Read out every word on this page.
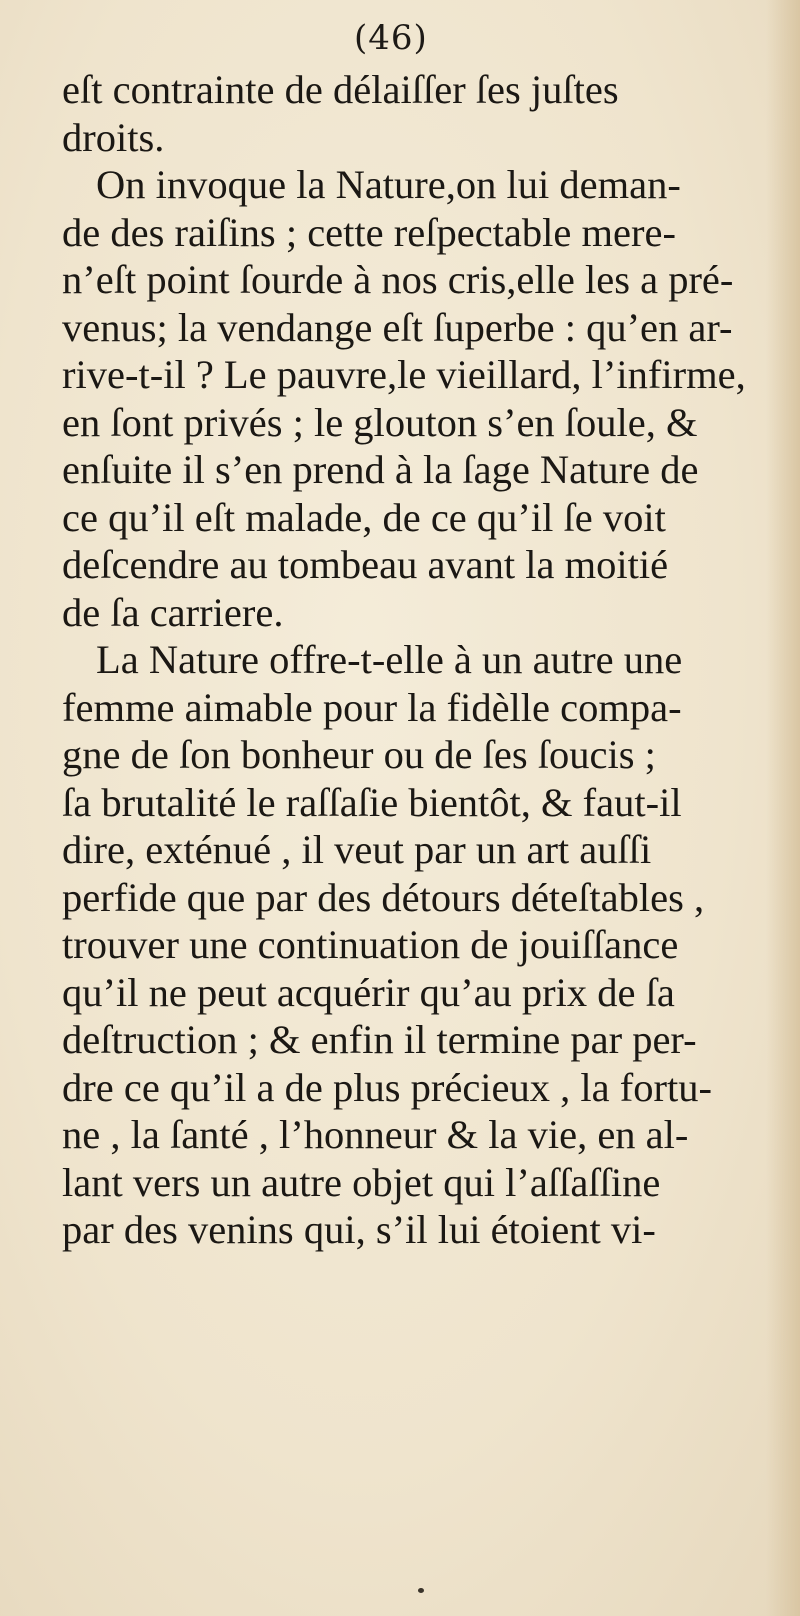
(46)
eſt contrainte de délaiſſer ſes juſtes
droits.
On invoque la Nature,on lui deman-
de des raiſins ; cette reſpectable mere-
n’eſt point ſourde à nos cris,elle les a pré-
venus; la vendange eſt ſuperbe : qu’en ar-
rive-t-il ? Le pauvre,le vieillard, l’infirme,
en ſont privés ; le glouton s’en ſoule, &
enſuite il s’en prend à la ſage Nature de
ce qu’il eſt malade, de ce qu’il ſe voit
deſcendre au tombeau avant la moitié
de ſa carriere.
La Nature offre-t-elle à un autre une
femme aimable pour la fidèlle compa-
gne de ſon bonheur ou de ſes ſoucis ;
ſa brutalité le raſſaſie bientôt, & faut-il
dire, exténué , il veut par un art auſſi
perfide que par des détours déteſtables ,
trouver une continuation de jouiſſance
qu’il ne peut acquérir qu’au prix de ſa
deſtruction ; & enfin il termine par per-
dre ce qu’il a de plus précieux , la fortu-
ne , la ſanté , l’honneur & la vie, en al-
lant vers un autre objet qui l’aſſaſſine
par des venins qui, s’il lui étoient vi-
